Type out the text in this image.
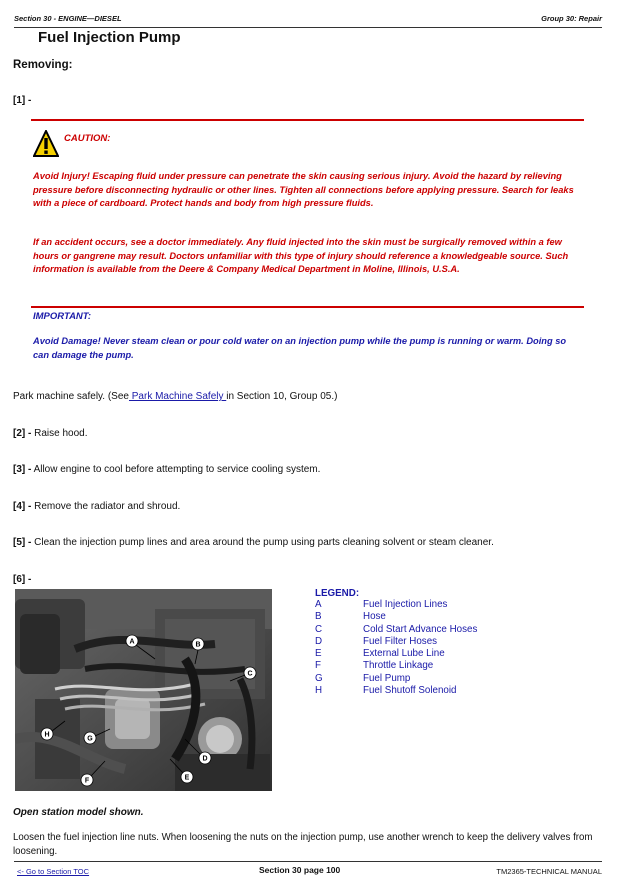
Section 30 - ENGINE—DIESEL	Group 30: Repair
Fuel Injection Pump
Removing:
[1] -
CAUTION:
Avoid Injury! Escaping fluid under pressure can penetrate the skin causing serious injury. Avoid the hazard by relieving pressure before disconnecting hydraulic or other lines. Tighten all connections before applying pressure. Search for leaks with a piece of cardboard. Protect hands and body from high pressure fluids.
If an accident occurs, see a doctor immediately. Any fluid injected into the skin must be surgically removed within a few hours or gangrene may result. Doctors unfamiliar with this type of injury should reference a knowledgeable source. Such information is available from the Deere & Company Medical Department in Moline, Illinois, U.S.A.
IMPORTANT:
Avoid Damage! Never steam clean or pour cold water on an injection pump while the pump is running or warm. Doing so can damage the pump.
Park machine safely. (See Park Machine Safely in Section 10, Group 05.)
[2] - Raise hood.
[3] - Allow engine to cool before attempting to service cooling system.
[4] - Remove the radiator and shroud.
[5] - Clean the injection pump lines and area around the pump using parts cleaning solvent or steam cleaner.
[6] -
A	B
C
D
E
F
G
H
LEGEND:
A	Fuel Injection Lines
B	Hose
C	Cold Start Advance Hoses
D	Fuel Filter Hoses
E	External Lube Line
F	Throttle Linkage
G	Fuel Pump
H	Fuel Shutoff Solenoid
Open station model shown.
Loosen the fuel injection line nuts. When loosening the nuts on the injection pump, use another wrench to keep the delivery valves from loosening.
<- Go to Section TOC	Section 30 page 100	TM2365-TECHNICAL MANUAL
